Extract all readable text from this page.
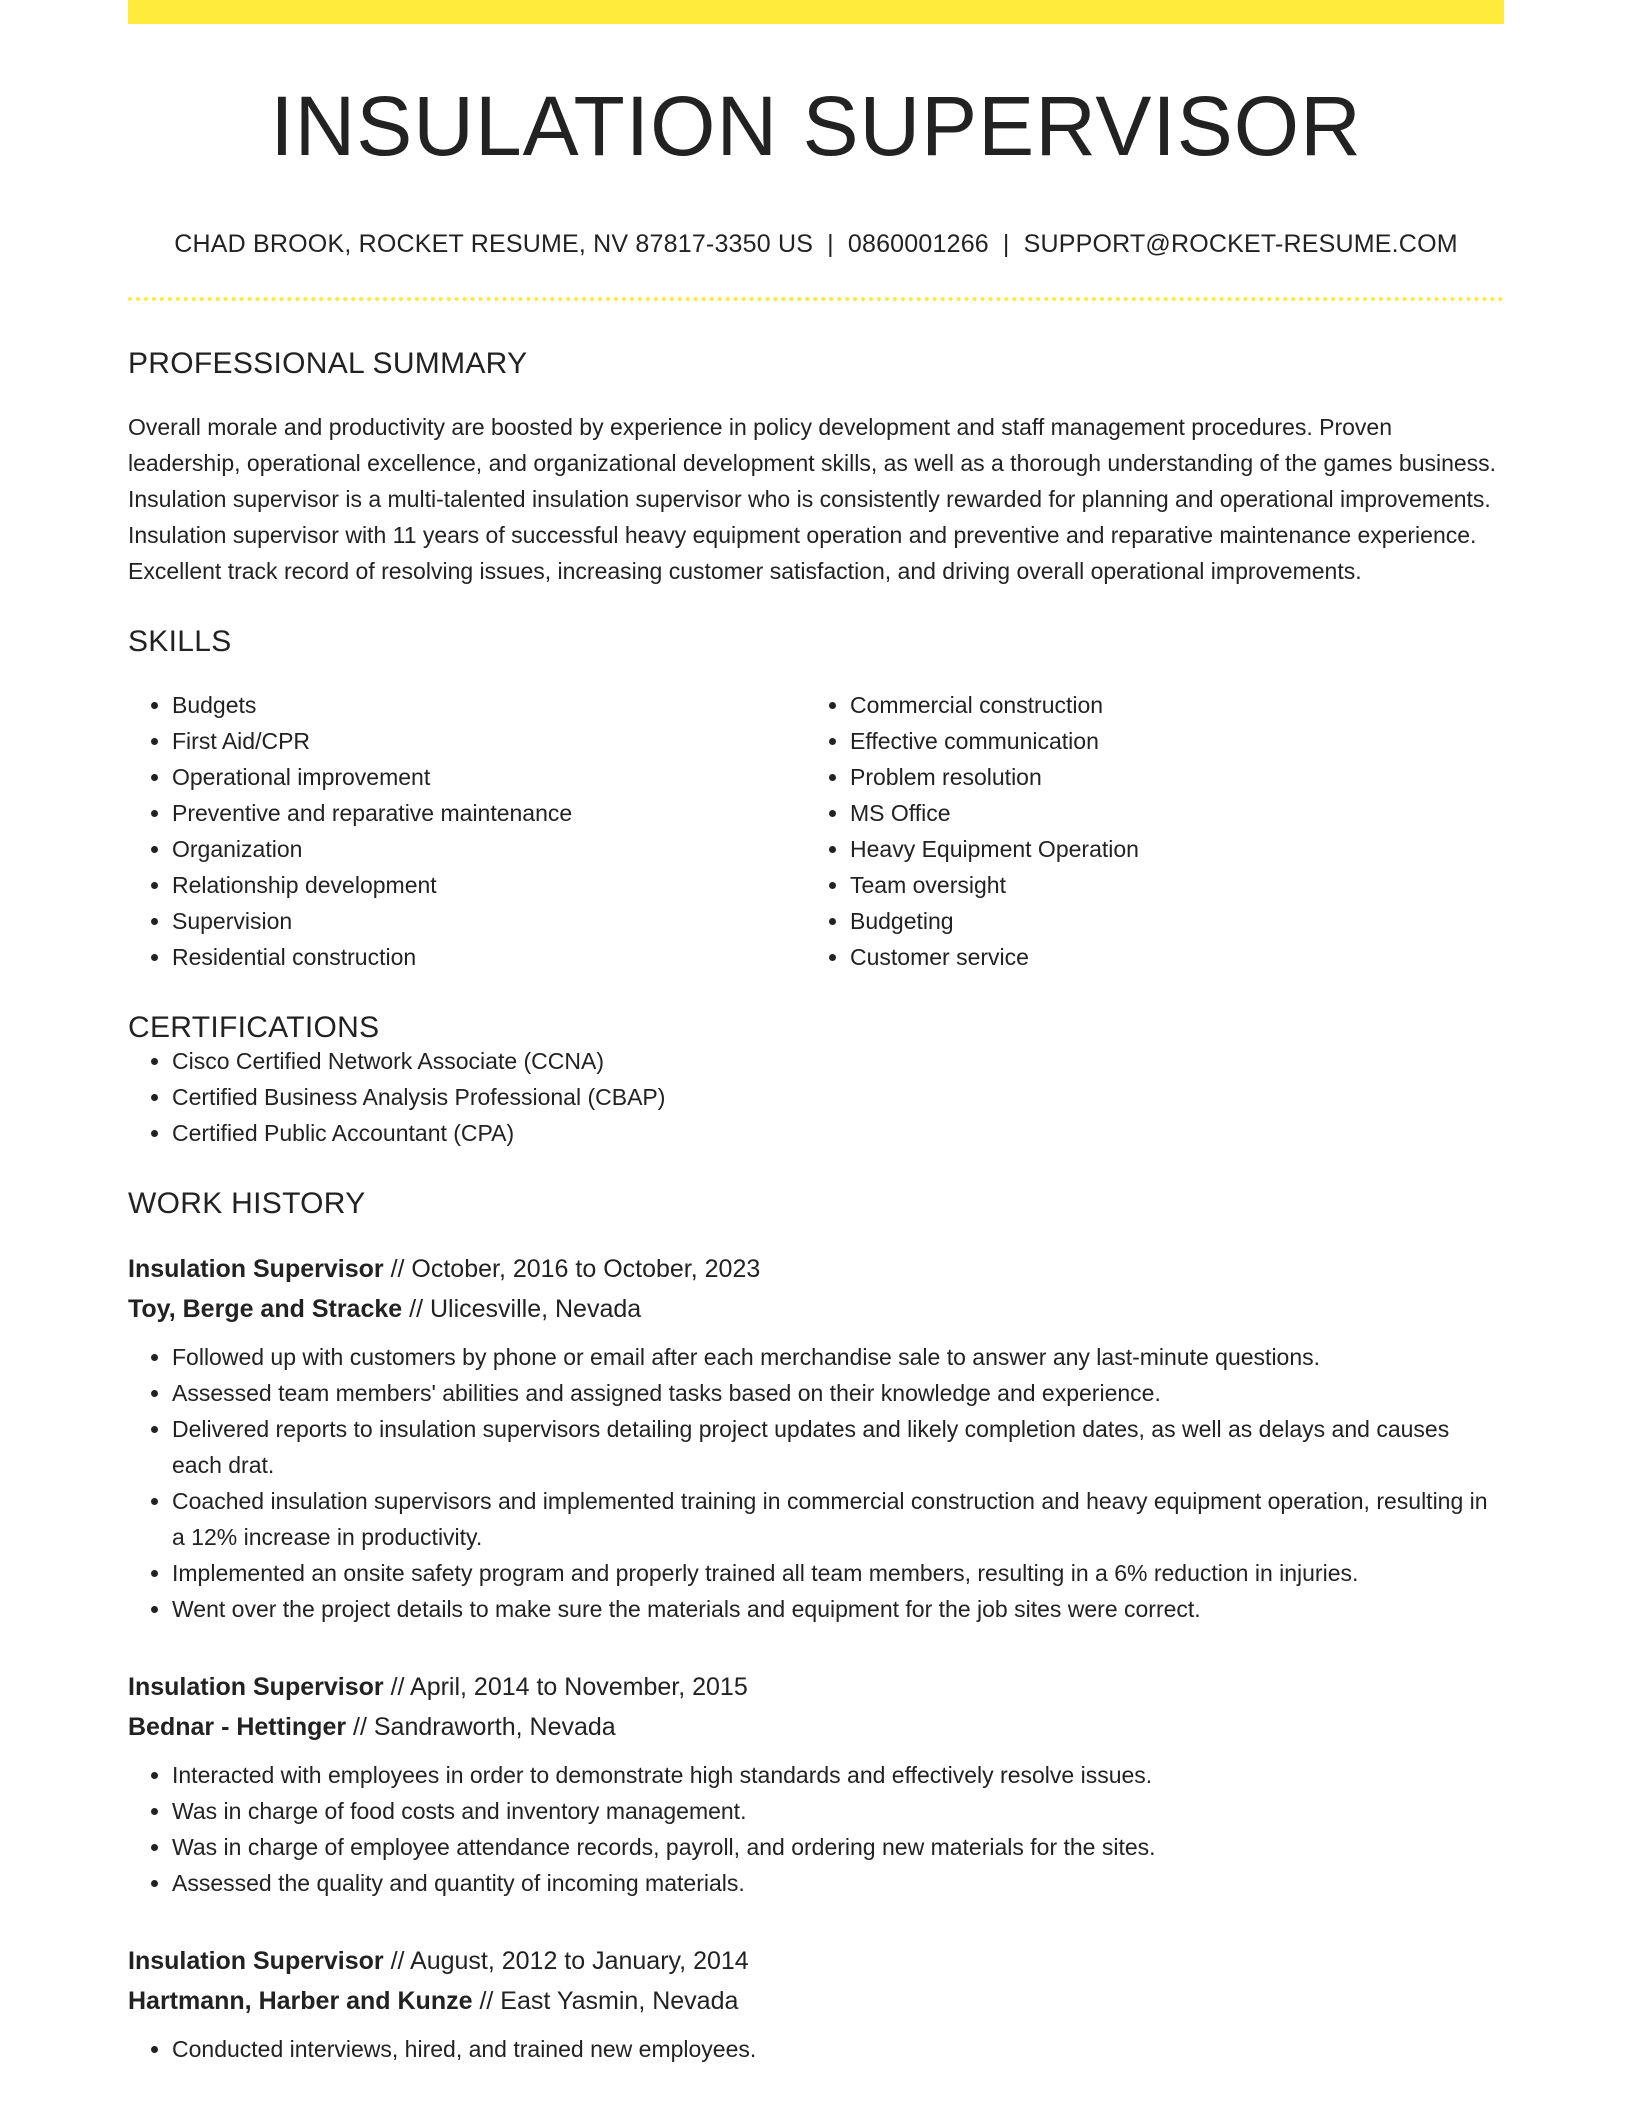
INSULATION SUPERVISOR
CHAD BROOK, ROCKET RESUME, NV 87817-3350 US | 0860001266 | SUPPORT@ROCKET-RESUME.COM
PROFESSIONAL SUMMARY
Overall morale and productivity are boosted by experience in policy development and staff management procedures. Proven leadership, operational excellence, and organizational development skills, as well as a thorough understanding of the games business. Insulation supervisor is a multi-talented insulation supervisor who is consistently rewarded for planning and operational improvements. Insulation supervisor with 11 years of successful heavy equipment operation and preventive and reparative maintenance experience. Excellent track record of resolving issues, increasing customer satisfaction, and driving overall operational improvements.
SKILLS
• Budgets
• First Aid/CPR
• Operational improvement
• Preventive and reparative maintenance
• Organization
• Relationship development
• Supervision
• Residential construction
• Commercial construction
• Effective communication
• Problem resolution
• MS Office
• Heavy Equipment Operation
• Team oversight
• Budgeting
• Customer service
CERTIFICATIONS
• Cisco Certified Network Associate (CCNA)
• Certified Business Analysis Professional (CBAP)
• Certified Public Accountant (CPA)
WORK HISTORY
Insulation Supervisor // October, 2016 to October, 2023
Toy, Berge and Stracke // Ulicesville, Nevada
• Followed up with customers by phone or email after each merchandise sale to answer any last-minute questions.
• Assessed team members' abilities and assigned tasks based on their knowledge and experience.
• Delivered reports to insulation supervisors detailing project updates and likely completion dates, as well as delays and causes each drat.
• Coached insulation supervisors and implemented training in commercial construction and heavy equipment operation, resulting in a 12% increase in productivity.
• Implemented an onsite safety program and properly trained all team members, resulting in a 6% reduction in injuries.
• Went over the project details to make sure the materials and equipment for the job sites were correct.
Insulation Supervisor // April, 2014 to November, 2015
Bednar - Hettinger // Sandraworth, Nevada
• Interacted with employees in order to demonstrate high standards and effectively resolve issues.
• Was in charge of food costs and inventory management.
• Was in charge of employee attendance records, payroll, and ordering new materials for the sites.
• Assessed the quality and quantity of incoming materials.
Insulation Supervisor // August, 2012 to January, 2014
Hartmann, Harber and Kunze // East Yasmin, Nevada
• Conducted interviews, hired, and trained new employees.
